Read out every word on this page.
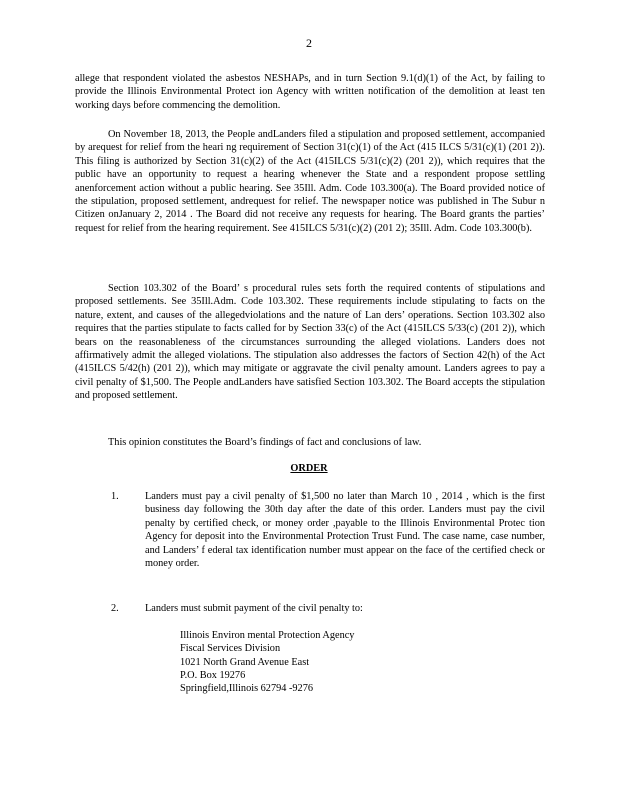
2

allege that respondent violated the asbestos NESHAPs, and in turn Section 9.1(d)(1) of the Act, by failing to provide the Illinois Environmental Protect ion Agency with written notification of the demolition at least ten working days before commencing the demolition.

On November 18, 2013, the People andLanders filed a stipulation and proposed settlement, accompanied by arequest for relief from the heari ng requirement of Section 31(c)(1) of the Act (415 ILCS 5/31(c)(1) (201 2)). This filing is authorized by Section 31(c)(2) of the Act (415ILCS 5/31(c)(2) (201 2)), which requires that the public have an opportunity to request a hearing whenever the State and a respondent propose settling anenforcement action without a public hearing. See 35Ill. Adm. Code 103.300(a). The Board provided notice of the stipulation, proposed settlement, andrequest for relief. The newspaper notice was published in The Subur n Citizen onJanuary 2, 2014 . The Board did not receive any requests for hearing. The Board grants the parties’ request for relief from the hearing requirement. See 415ILCS 5/31(c)(2) (201 2); 35Ill. Adm. Code 103.300(b).

Section 103.302 of the Board’ s procedural rules sets forth the required contents of stipulations and proposed settlements. See 35Ill.Adm. Code 103.302. These requirements include stipulating to facts on the nature, extent, and causes of the allegedviolations and the nature of Lan ders’ operations. Section 103.302 also requires that the parties stipulate to facts called for by Section 33(c) of the Act (415ILCS 5/33(c) (201 2)), which bears on the reasonableness of the circumstances surrounding the alleged violations. Landers does not affirmatively admit the alleged violations. The stipulation also addresses the factors of Section 42(h) of the Act (415ILCS 5/42(h) (201 2)), which may mitigate or aggravate the civil penalty amount. Landers agrees to pay a civil penalty of $1,500. The People andLanders have satisfied Section 103.302. The Board accepts the stipulation and proposed settlement.

This opinion constitutes the Board’s findings of fact and conclusions of law.

ORDER
1.	Landers must pay a civil penalty of $1,500 no later than March 10 , 2014 , which is the first business day following the 30th day after the date of this order. Landers must pay the civil penalty by certified check, or money order ,payable to the Illinois Environmental Protec tion Agency for deposit into the Environmental Protection Trust Fund. The case name, case number, and Landers’ f ederal tax identification number must appear on the face of the certified check or money order.

2.	Landers must submit payment of the civil penalty to:

Illinois Environ mental Protection Agency
Fiscal Services Division
1021 North Grand Avenue East
P.O. Box 19276
Springfield,Illinois 62794 -9276
